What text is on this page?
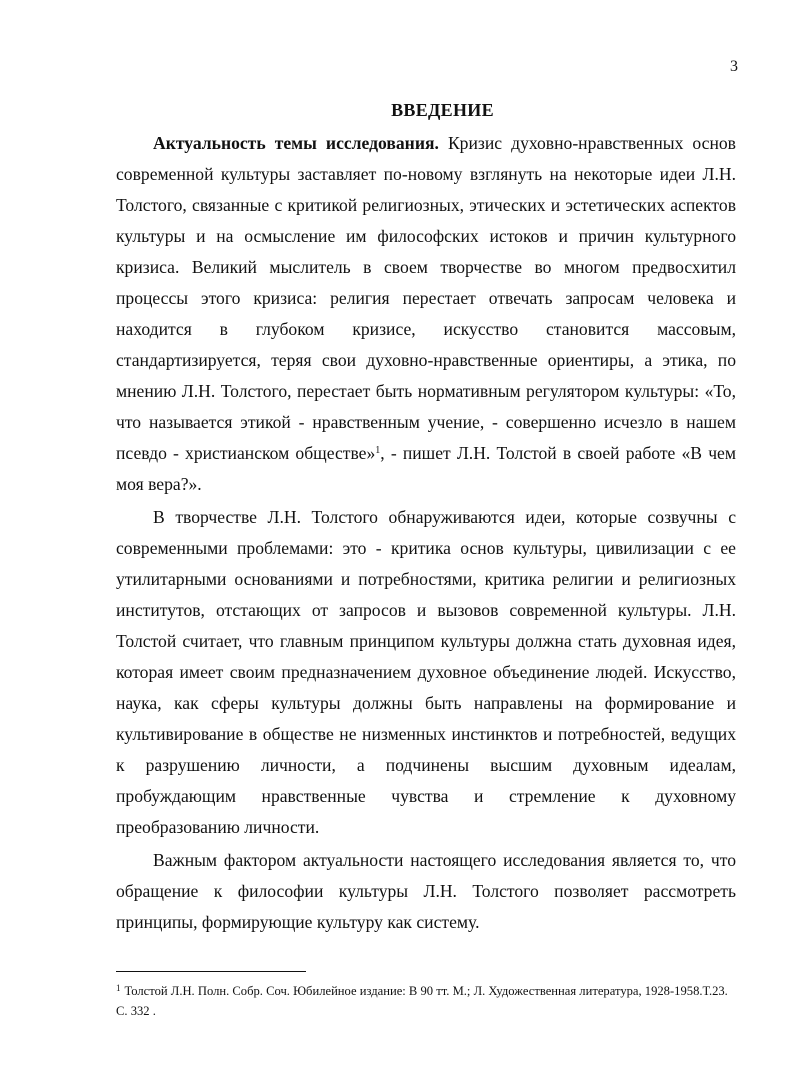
3
ВВЕДЕНИЕ

Актуальность темы исследования. Кризис духовно-нравственных основ современной культуры заставляет по-новому взглянуть на некоторые идеи Л.Н. Толстого, связанные с критикой религиозных, этических и эстетических аспектов культуры и на осмысление им философских истоков и причин культурного кризиса. Великий мыслитель в своем творчестве во многом предвосхитил процессы этого кризиса: религия перестает отвечать запросам человека и находится в глубоком кризисе, искусство становится массовым, стандартизируется, теряя свои духовно-нравственные ориентиры, а этика, по мнению Л.Н. Толстого, перестает быть нормативным регулятором культуры: «То, что называется этикой - нравственным учение, - совершенно исчезло в нашем псевдо - христианском обществе»$^1$, - пишет Л.Н. Толстой в своей работе «В чем моя вера?».

В творчестве Л.Н. Толстого обнаруживаются идеи, которые созвучны с современными проблемами: это - критика основ культуры, цивилизации с ее утилитарными основаниями и потребностями, критика религии и религиозных институтов, отстающих от запросов и вызовов современной культуры. Л.Н. Толстой считает, что главным принципом культуры должна стать духовная идея, которая имеет своим предназначением духовное объединение людей. Искусство, наука, как сферы культуры должны быть направлены на формирование и культивирование в обществе не низменных инстинктов и потребностей, ведущих к разрушению личности, а подчинены высшим духовным идеалам, пробуждающим нравственные чувства и стремление к духовному преобразованию личности.

Важным фактором актуальности настоящего исследования является то, что обращение к философии культуры Л.Н. Толстого позволяет рассмотреть принципы, формирующие культуру как систему.

$^1$ Толстой Л.Н. Полн. Собр. Соч. Юбилейное издание: В 90 тт. М.; Л. Художественная литература, 1928-1958.Т.23. С. 332 .
